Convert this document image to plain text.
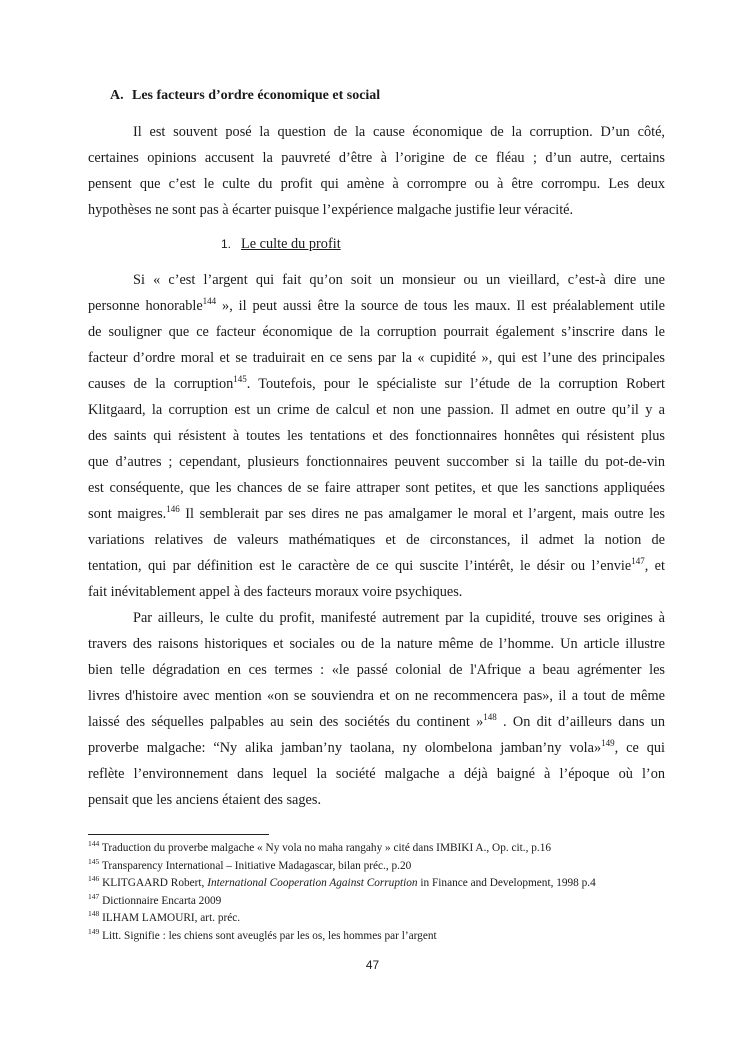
A. Les facteurs d’ordre économique et social
Il est souvent posé la question de la cause économique de la corruption. D’un côté,
certaines opinions accusent la pauvreté d’être à l’origine de ce fléau ; d’un autre, certains
pensent que c’est le culte du profit qui amène à corrompre ou à être corrompu. Les deux
hypothèses ne sont pas à écarter puisque l’expérience malgache justifie leur véracité.
1. Le culte du profit
Si « c’est l’argent qui fait qu’on soit un monsieur ou un vieillard, c’est-à dire une
personne honorable$^{144}$ », il peut aussi être la source de tous les maux. Il est préalablement utile
de souligner que ce facteur économique de la corruption pourrait également s’inscrire dans le
facteur d’ordre moral et se traduirait en ce sens par la « cupidité », qui est l’une des principales
causes de la corruption$^{145}$. Toutefois, pour le spécialiste sur l’étude de la corruption Robert
Klitgaard, la corruption est un crime de calcul et non une passion. Il admet en outre qu’il y a
des saints qui résistent à toutes les tentations et des fonctionnaires honnêtes qui résistent plus
que d’autres ; cependant, plusieurs fonctionnaires peuvent succomber si la taille du pot-de-vin
est conséquente, que les chances de se faire attraper sont petites, et que les sanctions appliquées
sont maigres.$^{146}$ Il semblerait par ses dires ne pas amalgamer le moral et l’argent, mais outre les
variations relatives de valeurs mathématiques et de circonstances, il admet la notion de
tentation, qui par définition est le caractère de ce qui suscite l’intérêt, le désir ou l’envie$^{147}$, et
fait inévitablement appel à des facteurs moraux voire psychiques.
Par ailleurs, le culte du profit, manifesté autrement par la cupidité, trouve ses origines à
travers des raisons historiques et sociales ou de la nature même de l’homme. Un article illustre
bien telle dégradation en ces termes : «le passé colonial de l'Afrique a beau agrémenter les
livres d'histoire avec mention «on se souviendra et on ne recommencera pas», il a tout de même
laissé des séquelles palpables au sein des sociétés du continent »$^{148}$ . On dit d’ailleurs dans un
proverbe malgache: “Ny alika jamban’ny taolana, ny olombelona jamban’ny vola»$^{149}$, ce qui
reflète l’environnement dans lequel la société malgache a déjà baigné à l’époque où l’on
pensait que les anciens étaient des sages.
$^{144}$ Traduction du proverbe malgache « Ny vola no maha rangahy » cité dans IMBIKI A., Op. cit., p.16
$^{145}$ Transparency International – Initiative Madagascar, bilan préc., p.20
$^{146}$ KLITGAARD Robert, International Cooperation Against Corruption in Finance and Development, 1998 p.4
$^{147}$ Dictionnaire Encarta 2009
$^{148}$ ILHAM LAMOURI, art. préc.
$^{149}$ Litt. Signifie : les chiens sont aveuglés par les os, les hommes par l’argent
47
